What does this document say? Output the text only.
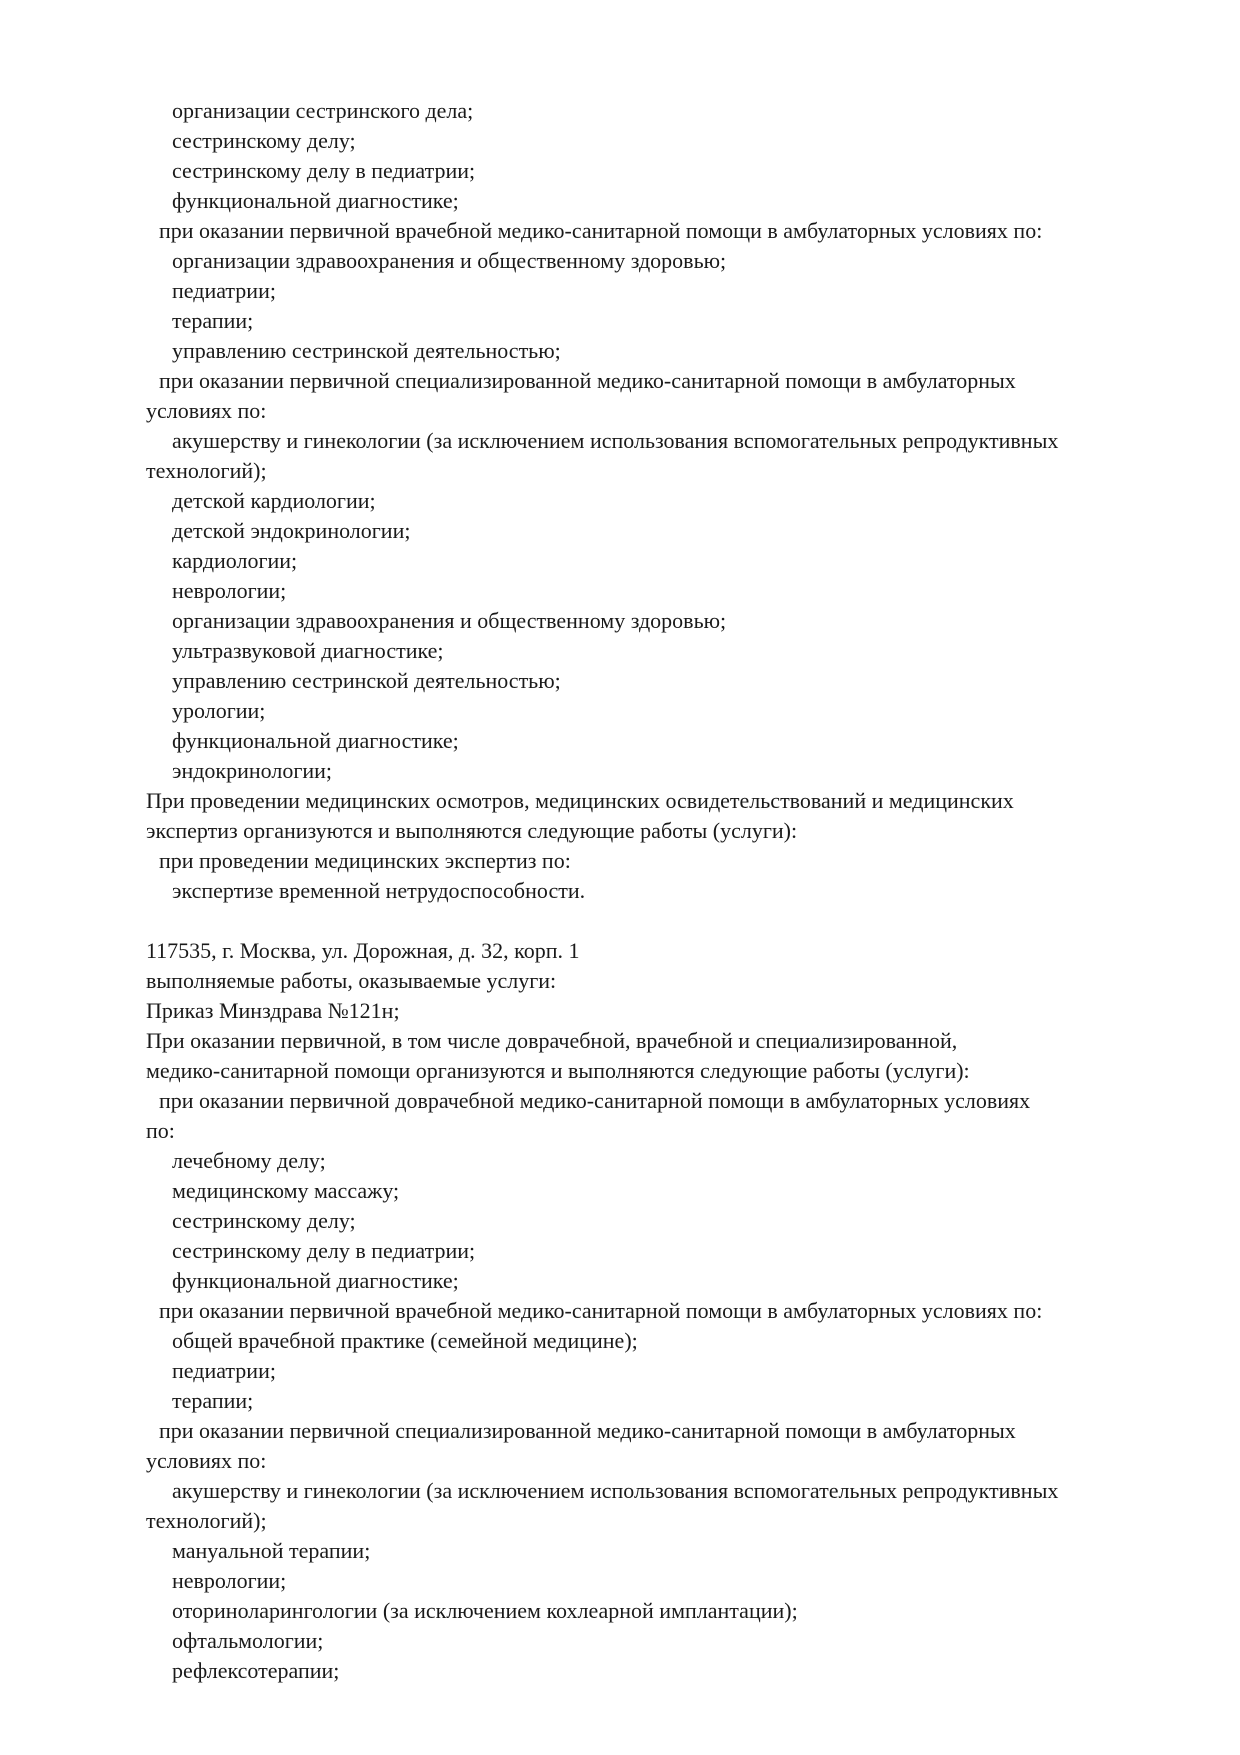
организации сестринского дела;
сестринскому делу;
сестринскому делу в педиатрии;
функциональной диагностике;
при оказании первичной врачебной медико-санитарной помощи в амбулаторных условиях по:
организации здравоохранения и общественному здоровью;
педиатрии;
терапии;
управлению сестринской деятельностью;
при оказании первичной специализированной медико-санитарной помощи в амбулаторных
условиях по:
акушерству и гинекологии (за исключением использования вспомогательных репродуктивных
технологий);
детской кардиологии;
детской эндокринологии;
кардиологии;
неврологии;
организации здравоохранения и общественному здоровью;
ультразвуковой диагностике;
управлению сестринской деятельностью;
урологии;
функциональной диагностике;
эндокринологии;
При проведении медицинских осмотров, медицинских освидетельствований и медицинских
экспертиз организуются и выполняются следующие работы (услуги):
при проведении медицинских экспертиз по:
экспертизе временной нетрудоспособности.
117535, г. Москва, ул. Дорожная, д. 32, корп. 1
выполняемые работы, оказываемые услуги:
Приказ Минздрава №121н;
При оказании первичной, в том числе доврачебной, врачебной и специализированной,
медико-санитарной помощи организуются и выполняются следующие работы (услуги):
при оказании первичной доврачебной медико-санитарной помощи в амбулаторных условиях
по:
лечебному делу;
медицинскому массажу;
сестринскому делу;
сестринскому делу в педиатрии;
функциональной диагностике;
при оказании первичной врачебной медико-санитарной помощи в амбулаторных условиях по:
общей врачебной практике (семейной медицине);
педиатрии;
терапии;
при оказании первичной специализированной медико-санитарной помощи в амбулаторных
условиях по:
акушерству и гинекологии (за исключением использования вспомогательных репродуктивных
технологий);
мануальной терапии;
неврологии;
оториноларингологии (за исключением кохлеарной имплантации);
офтальмологии;
рефлексотерапии;
